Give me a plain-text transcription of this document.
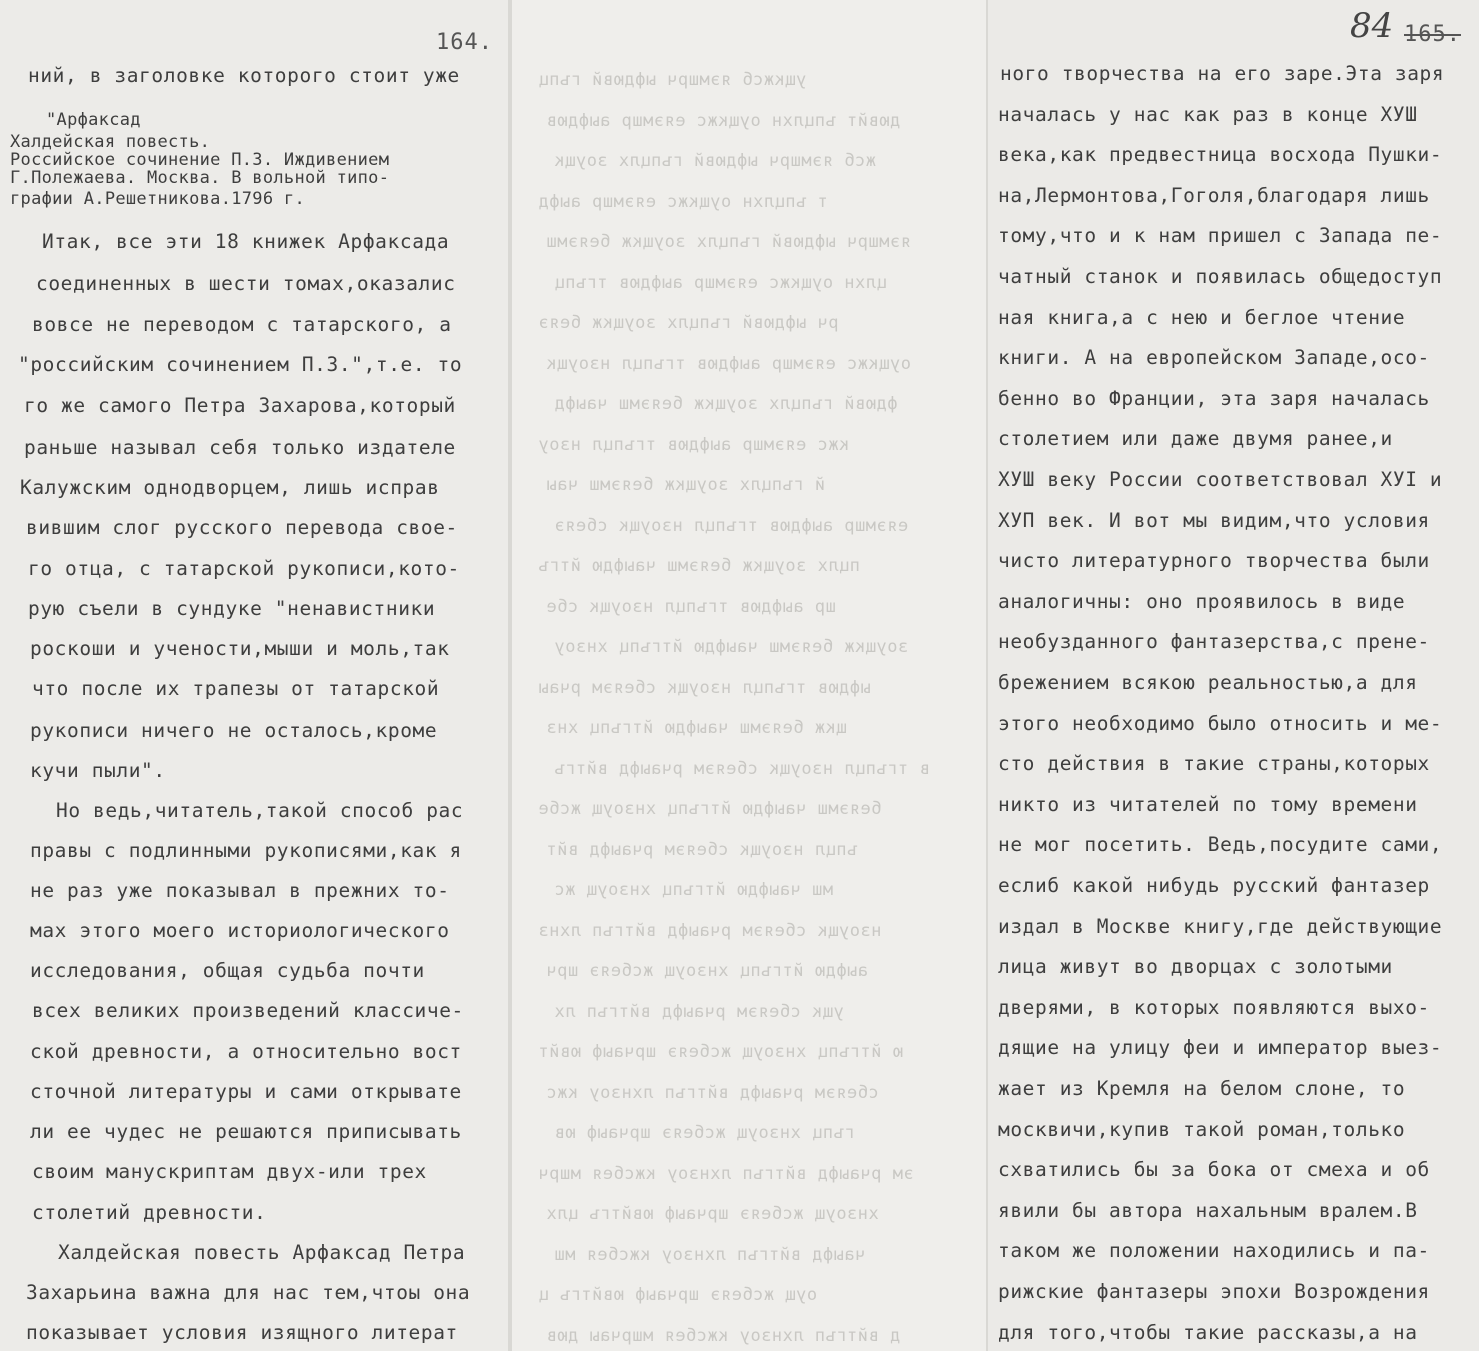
164.
ний, в заголовке которого стоит уже
"Арфаксад
Халдейская повесть.
Российское сочинение П.З. Иждивением
Г.Полежаева. Москва. В вольной типо-
графии А.Решетникова.1796 г.
Итак, все эти 18 книжек Арфаксада
соединенных в шести томах,оказалис
вовсе не переводом с татарского, а
"российским сочинением П.З.",т.е. то
го же самого Петра Захарова,который
раньше называл себя только издателе
Калужским однодворцем, лишь исправ
вившим слог русского перевода свое-
го отца, с татарской рукописи,кото-
рую съели в сундуке "ненавистники
роскоши и учености,мыши и моль,так
что после их трапезы от татарской
рукописи ничего не осталось,кроме
кучи пыли".
Но ведь,читатель,такой способ рас
правы с подлинными рукописями,как я
не раз уже показывал в прежних то-
мах этого моего историологического
исследования, общая судьба почти
всех великих произведений классиче-
ской древности, а относительно вост
сточной литературы и сами открывате
ли ее чудес не решаются приписывать
своим манускриптам двух-или трех
столетий древности.
Халдейская повесть Арфаксад Петра
Захарьина важна для нас тем,чтоы она
показывает условия изящного литерат
ущкжсб яэмшрч ыфдювй гъпц
дювйт ъпцлхн оущкжс еяэмшр аыфдюв
жсб яэмшрч ыфдювй гъпцлх зоущк
т ъпцлхн оущкжс еяэмшр аыфд
яэмшрч ыфдювй гъпцлх зоущкж беяэмш
цлхн оущкжс еяэмшр аыфдюв тгъпц
рч ыфдювй гъпцлх зоущкж беяэ
оущкжс еяэмшр аыфдюв тгъпцл нзоущк
фдювй гъпцлх зоущкж беяэмш чаыфд
кжс еяэмшр аыфдюв тгъпцл нзоу
й гъпцлх зоущкж беяэмш чаы
еяэмшр аыфдюв тгъпцл нзоущк сбеяэ
пцлх зоущкж беяэмш чаыфдю йтгъ
шр аыфдюв тгъпцл нзоущк сбе
зоущкж беяэмш чаыфдю йтгъпц хнзоу
ыфдюв тгъпцл нзоущк сбеяэм рчаы
щкж беяэмш чаыфдю йтгъпц хнз
в тгъпцл нзоущк сбеяэм рчаыфд вйтгъ
беяэмш чаыфдю йтгъпц хнзоущ жсбе
ъпцл нзоущк сбеяэм рчаыфд вйт
мш чаыфдю йтгъпц хнзоущ жс
нзоущк сбеяэм рчаыфд вйтгъп лхнз
аыфдю йтгъпц хнзоущ жсбеяэ шрч
ущк сбеяэм рчаыфд вйтгъп лх
ю йтгъпц хнзоущ жсбеяэ шрчаыф ювйт
сбеяэм рчаыфд вйтгъп лхнзоу кжс
гъпц хнзоущ жсбеяэ шрчаыф юв
эм рчаыфд вйтгъп лхнзоу кжсбея мшрч
хнзоущ жсбеяэ шрчаыф ювйтгъ цлх
чаыфд вйтгъп лхнзоу кжсбея мш
оущ жсбеяэ шрчаыф ювйтгъ ц
д вйтгъп лхнзоу кжсбея мшрчаы дюв
84 165.
ного творчества на его заре.Эта заря
началась у нас как раз в конце ХУШ
века,как предвестница восхода Пушки-
на,Лермонтова,Гоголя,благодаря лишь
тому,что и к нам пришел с Запада пе-
чатный станок и появилась общедоступ
ная книга,а с нею и беглое чтение
книги. А на европейском Западе,осо-
бенно во Франции, эта заря началась
столетием или даже двумя ранее,и
ХУШ веку России соответствовал ХУI и
ХУП век. И вот мы видим,что условия
чисто литературного творчества были
аналогичны: оно проявилось в виде
необузданного фантазерства,с прене-
брежением всякою реальностью,а для
этого необходимо было относить и ме-
сто действия в такие страны,которых
никто из читателей по тому времени
не мог посетить. Ведь,посудите сами,
еслиб какой нибудь русский фантазер
издал в Москве книгу,где действующие
лица живут во дворцах с золотыми
дверями, в которых появляются выхо-
дящие на улицу феи и император выез-
жает из Кремля на белом слоне, то
москвичи,купив такой роман,только
схватились бы за бока от смеха и об
явили бы автора нахальным вралем.В
таком же положении находились и па-
рижские фантазеры эпохи Возрождения
для того,чтобы такие рассказы,а на
